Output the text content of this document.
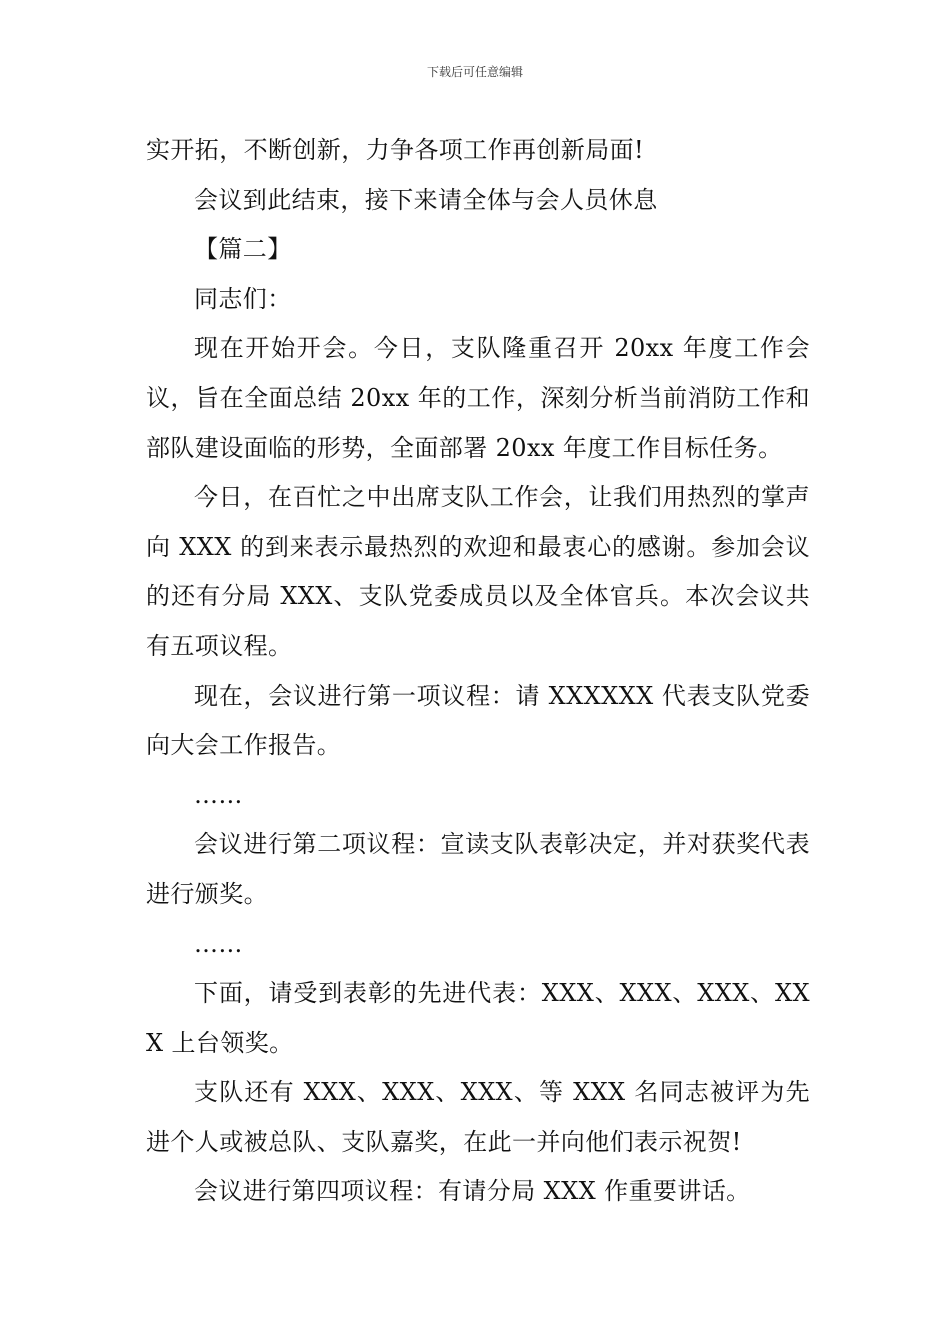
下载后可任意编辑

实开拓，不断创新，力争各项工作再创新局面!

会议到此结束，接下来请全体与会人员休息

【篇二】

同志们：

现在开始开会。今日，支队隆重召开 20xx 年度工作会议，旨在全面总结 20xx 年的工作，深刻分析当前消防工作和部队建设面临的形势，全面部署 20xx 年度工作目标任务。

今日，在百忙之中出席支队工作会，让我们用热烈的掌声向 XXX 的到来表示最热烈的欢迎和最衷心的感谢。参加会议的还有分局 XXX、支队党委成员以及全体官兵。本次会议共有五项议程。

现在，会议进行第一项议程：请 XXXXXX 代表支队党委向大会工作报告。

……

会议进行第二项议程：宣读支队表彰决定，并对获奖代表进行颁奖。

……

下面，请受到表彰的先进代表：XXX、XXX、XXX、XXX 上台领奖。

支队还有 XXX、XXX、XXX、等 XXX 名同志被评为先进个人或被总队、支队嘉奖，在此一并向他们表示祝贺!

会议进行第四项议程：有请分局 XXX 作重要讲话。
